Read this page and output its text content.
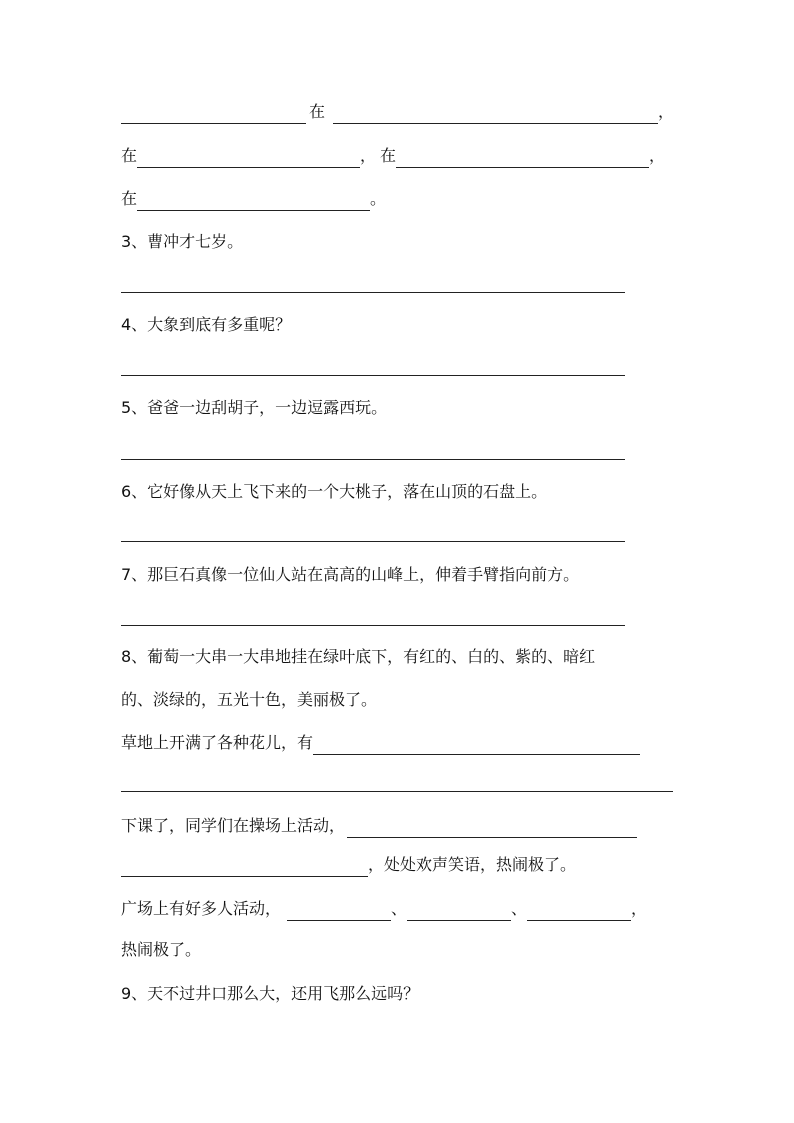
在	，
在	， 在	，
在	。
3、曹冲才七岁。
4、大象到底有多重呢？
5、爸爸一边刮胡子，一边逗露西玩。
6、它好像从天上飞下来的一个大桃子，落在山顶的石盘上。
7、那巨石真像一位仙人站在高高的山峰上，伸着手臂指向前方。
8、葡萄一大串一大串地挂在绿叶底下，有红的、白的、紫的、暗红
的、淡绿的，五光十色，美丽极了。
草地上开满了各种花儿，有
下课了，同学们在操场上活动，
，处处欢声笑语，热闹极了。
广场上有好多人活动，	、	、	，
热闹极了。
9、天不过井口那么大，还用飞那么远吗？
